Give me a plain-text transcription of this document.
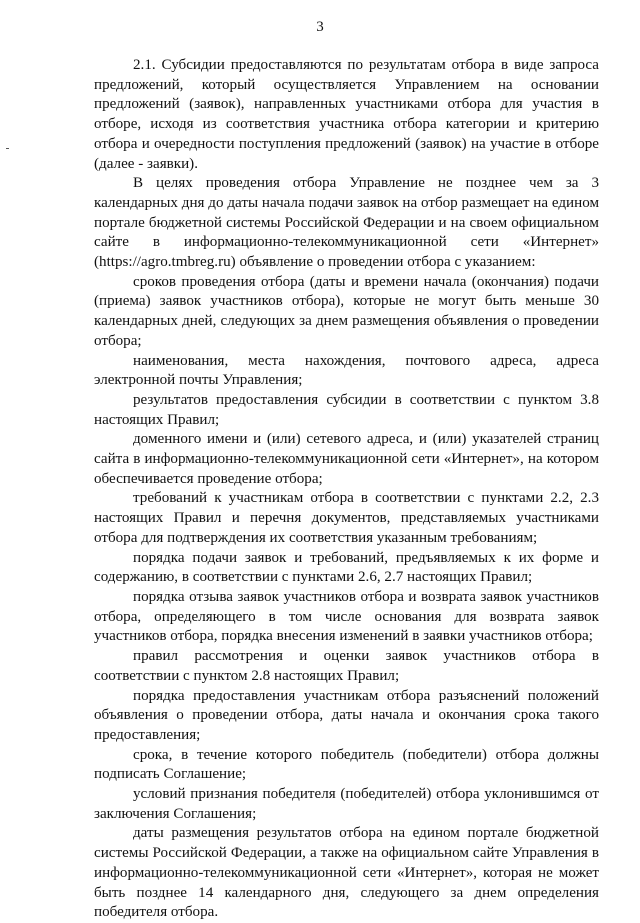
3

2.1. Субсидии предоставляются по результатам отбора в виде запроса предложений, который осуществляется Управлением на основании предложений (заявок), направленных участниками отбора для участия в отборе, исходя из соответствия участника отбора категории и критерию отбора и очередности поступления предложений (заявок) на участие в отборе (далее - заявки).

В целях проведения отбора Управление не позднее чем за 3 календарных дня до даты начала подачи заявок на отбор размещает на едином портале бюджетной системы Российской Федерации и на своем официальном сайте в информационно-телекоммуникационной сети «Интернет» (https://agro.tmbreg.ru) объявление о проведении отбора с указанием:

сроков проведения отбора (даты и времени начала (окончания) подачи (приема) заявок участников отбора), которые не могут быть меньше 30 календарных дней, следующих за днем размещения объявления о проведении отбора;

наименования, места нахождения, почтового адреса, адреса электронной почты Управления;

результатов предоставления субсидии в соответствии с пунктом 3.8 настоящих Правил;

доменного имени и (или) сетевого адреса, и (или) указателей страниц сайта в информационно-телекоммуникационной сети «Интернет», на котором обеспечивается проведение отбора;

требований к участникам отбора в соответствии с пунктами 2.2, 2.3 настоящих Правил и перечня документов, представляемых участниками отбора для подтверждения их соответствия указанным требованиям;

порядка подачи заявок и требований, предъявляемых к их форме и содержанию, в соответствии с пунктами 2.6, 2.7 настоящих Правил;

порядка отзыва заявок участников отбора и возврата заявок участников отбора, определяющего в том числе основания для возврата заявок участников отбора, порядка внесения изменений в заявки участников отбора;

правил рассмотрения и оценки заявок участников отбора в соответствии с пунктом 2.8 настоящих Правил;

порядка предоставления участникам отбора разъяснений положений объявления о проведении отбора, даты начала и окончания срока такого предоставления;

срока, в течение которого победитель (победители) отбора должны подписать Соглашение;

условий признания победителя (победителей) отбора уклонившимся от заключения Соглашения;

даты размещения результатов отбора на едином портале бюджетной системы Российской Федерации, а также на официальном сайте Управления в информационно-телекоммуникационной сети «Интернет», которая не может быть позднее 14 календарного дня, следующего за днем определения победителя отбора.
